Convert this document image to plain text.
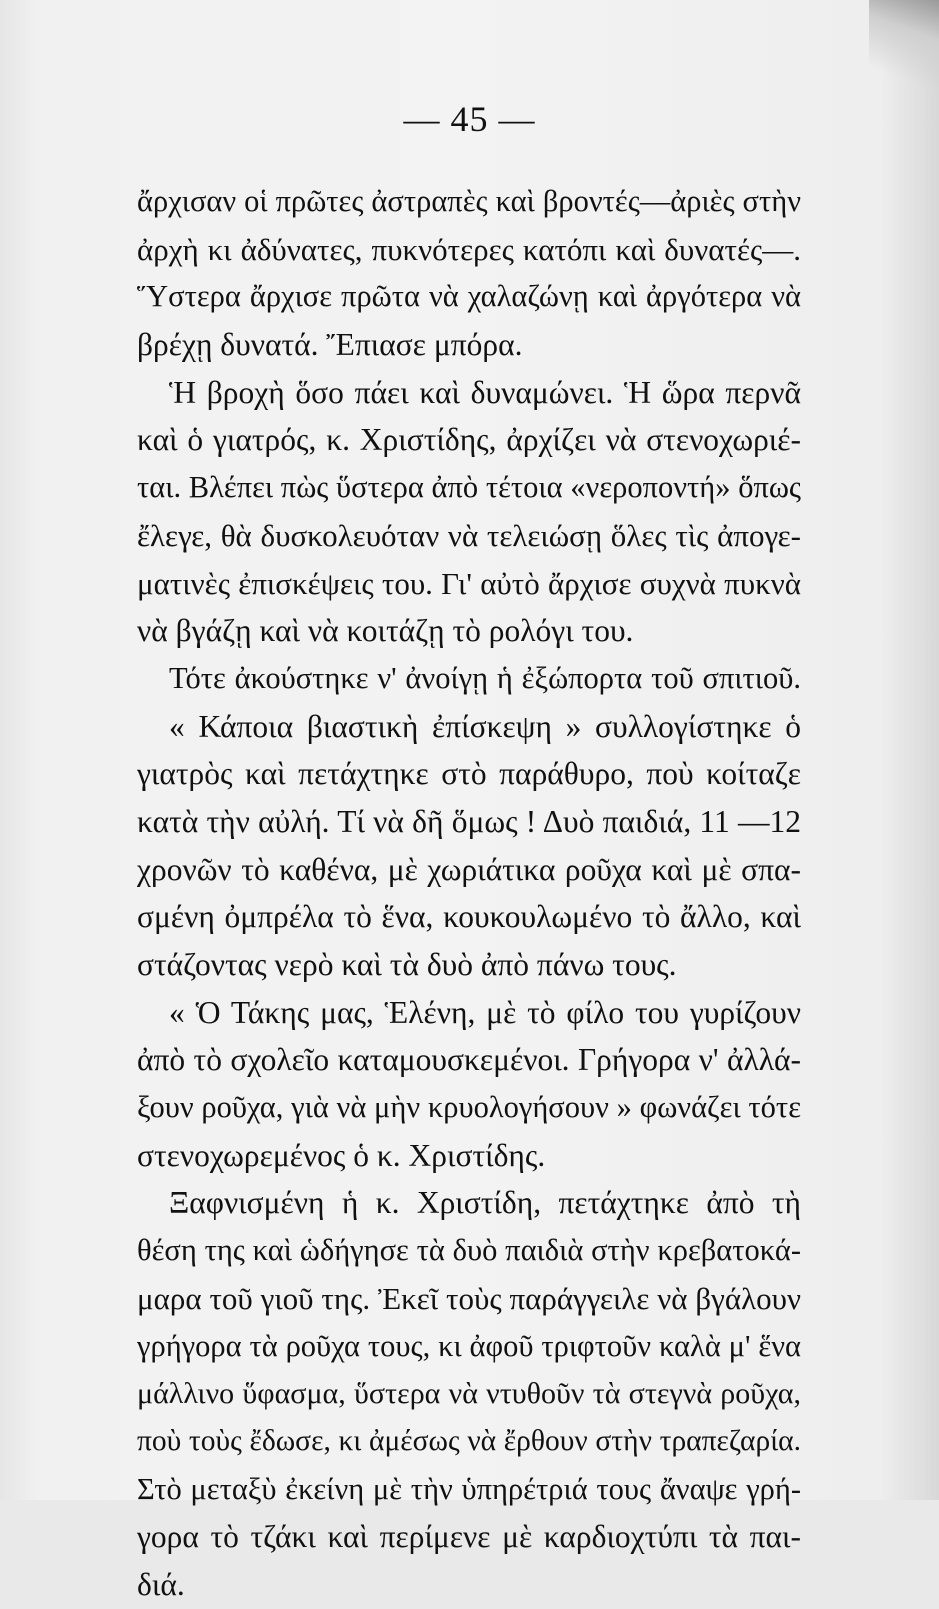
— 45 —
ἄρχισαν οἱ πρῶτες ἀστραπὲς καὶ βροντές—ἀριὲς στὴν
ἀρχὴ κι ἀδύνατες, πυκνότερες κατόπι καὶ δυνατές—.
Ὕστερα ἄρχισε πρῶτα νὰ χαλαζώνῃ καὶ ἀργότερα νὰ
βρέχῃ δυνατά. Ἔπιασε μπόρα.
Ἡ βροχὴ ὅσο πάει καὶ δυναμώνει. Ἡ ὥρα περνᾶ
καὶ ὁ γιατρός, κ. Χριστίδης, ἀρχίζει νὰ στενοχωριέ-
ται. Βλέπει πὼς ὕστερα ἀπὸ τέτοια «νεροποντή» ὅπως
ἔλεγε, θὰ δυσκολευόταν νὰ τελειώσῃ ὅλες τὶς ἀπογε-
ματινὲς ἐπισκέψεις του. Γι' αὐτὸ ἄρχισε συχνὰ πυκνὰ
νὰ βγάζῃ καὶ νὰ κοιτάζῃ τὸ ρολόγι του.
Τότε ἀκούστηκε ν' ἀνοίγῃ ἡ ἐξώπορτα τοῦ σπιτιοῦ.
« Κάποια βιαστικὴ ἐπίσκεψη » συλλογίστηκε ὁ
γιατρὸς καὶ πετάχτηκε στὸ παράθυρο, ποὺ κοίταζε
κατὰ τὴν αὐλή. Τί νὰ δῆ ὅμως ! Δυὸ παιδιά, 11 —12
χρονῶν τὸ καθένα, μὲ χωριάτικα ροῦχα καὶ μὲ σπα-
σμένη ὀμπρέλα τὸ ἕνα, κουκουλωμένο τὸ ἄλλο, καὶ
στάζοντας νερὸ καὶ τὰ δυὸ ἀπὸ πάνω τους.
« Ὁ Τάκης μας, Ἑλένη, μὲ τὸ φίλο του γυρίζουν
ἀπὸ τὸ σχολεῖο καταμουσκεμένοι. Γρήγορα ν' ἀλλά-
ξουν ροῦχα, γιὰ νὰ μὴν κρυολογήσουν » φωνάζει τότε
στενοχωρεμένος ὁ κ. Χριστίδης.
Ξαφνισμένη ἡ κ. Χριστίδη, πετάχτηκε ἀπὸ τὴ
θέση της καὶ ὡδήγησε τὰ δυὸ παιδιὰ στὴν κρεβατοκά-
μαρα τοῦ γιοῦ της. Ἐκεῖ τοὺς παράγγειλε νὰ βγάλουν
γρήγορα τὰ ροῦχα τους, κι ἀφοῦ τριφτοῦν καλὰ μ' ἕνα
μάλλινο ὕφασμα, ὕστερα νὰ ντυθοῦν τὰ στεγνὰ ροῦχα,
ποὺ τοὺς ἔδωσε, κι ἀμέσως νὰ ἔρθουν στὴν τραπεζαρία.
Στὸ μεταξὺ ἐκείνη μὲ τὴν ὑπηρέτριά τους ἄναψε γρή-
γορα τὸ τζάκι καὶ περίμενε μὲ καρδιοχτύπι τὰ παι-
διά.
